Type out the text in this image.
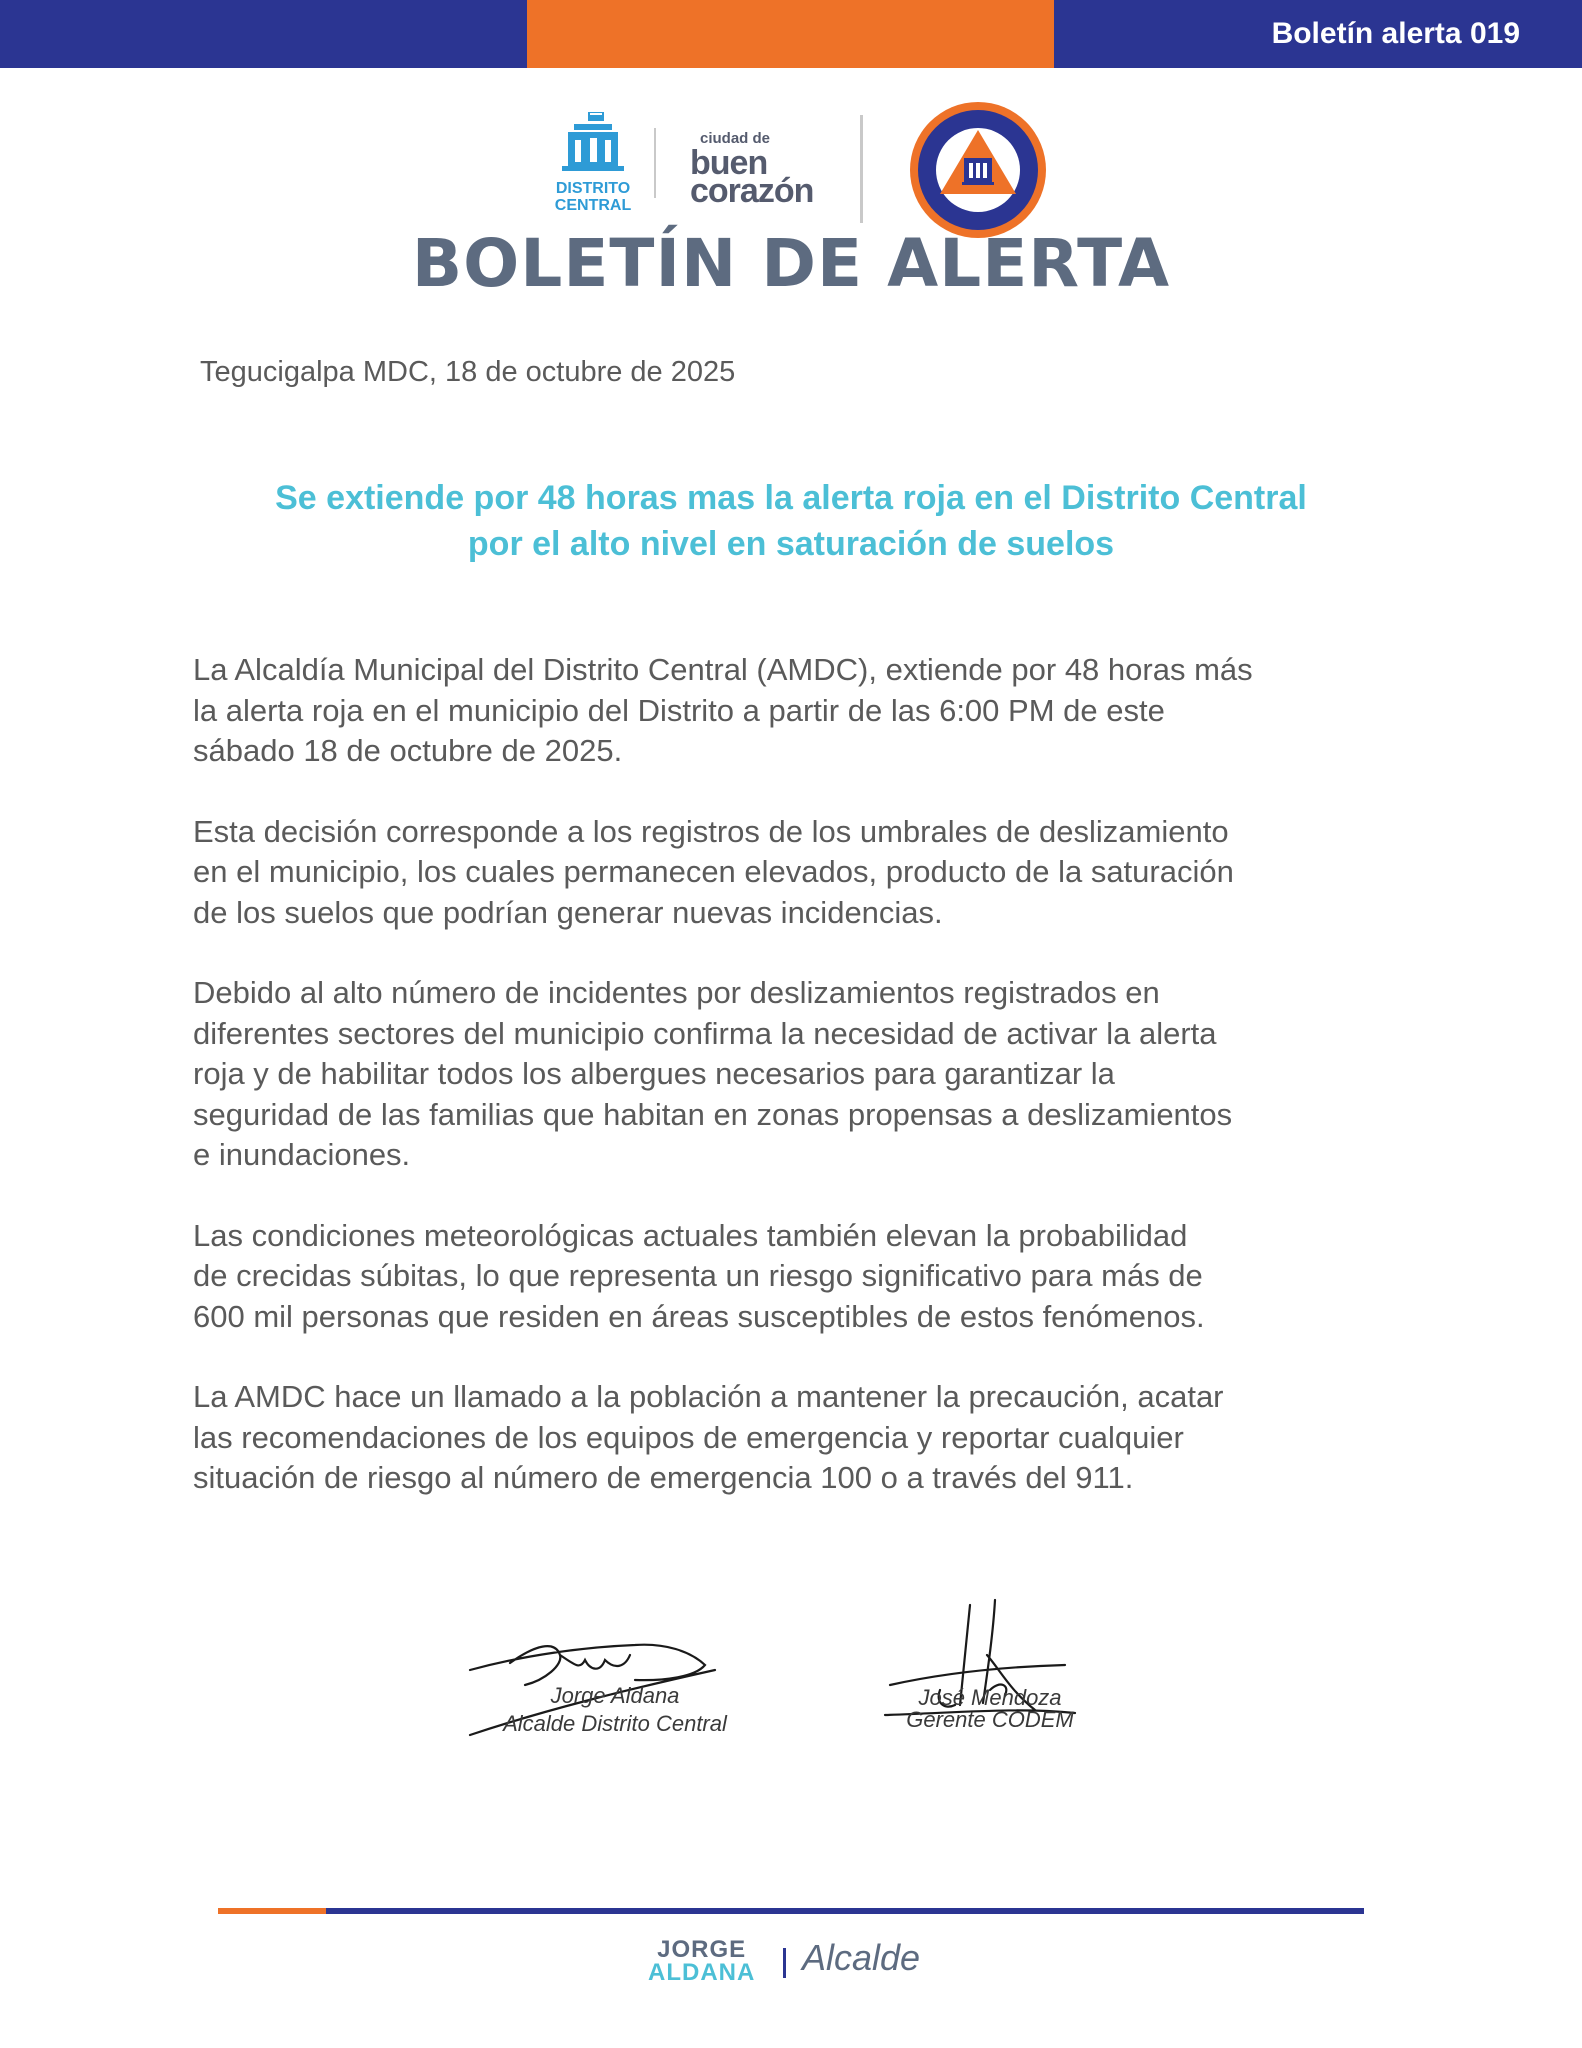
Boletín alerta 019
DISTRITO
CENTRAL
ciudad de
buen
corazón
BOLETÍN DE ALERTA
Tegucigalpa MDC, 18 de octubre de 2025
Se extiende por 48 horas mas la alerta roja en el Distrito Central
por el alto nivel en saturación de suelos

La Alcaldía Municipal del Distrito Central (AMDC), extiende por 48 horas más
la alerta roja en el municipio del Distrito a partir de las 6:00 PM de este
sábado 18 de octubre de 2025.

Esta decisión corresponde a los registros de los umbrales de deslizamiento
en el municipio, los cuales permanecen elevados, producto de la saturación
de los suelos que podrían generar nuevas incidencias.

Debido al alto número de incidentes por deslizamientos registrados en
diferentes sectores del municipio confirma la necesidad de activar la alerta
roja y de habilitar todos los albergues necesarios para garantizar la
seguridad de las familias que habitan en zonas propensas a deslizamientos
e inundaciones.

Las condiciones meteorológicas actuales también elevan la probabilidad
de crecidas súbitas, lo que representa un riesgo significativo para más de
600 mil personas que residen en áreas susceptibles de estos fenómenos.

La AMDC hace un llamado a la población a mantener la precaución, acatar
las recomendaciones de los equipos de emergencia y reportar cualquier
situación de riesgo al número de emergencia 100 o a través del 911.

Jorge Aldana
Alcalde Distrito Central
José Mendoza
Gerente CODEM
JORGE
ALDANA Alcalde
